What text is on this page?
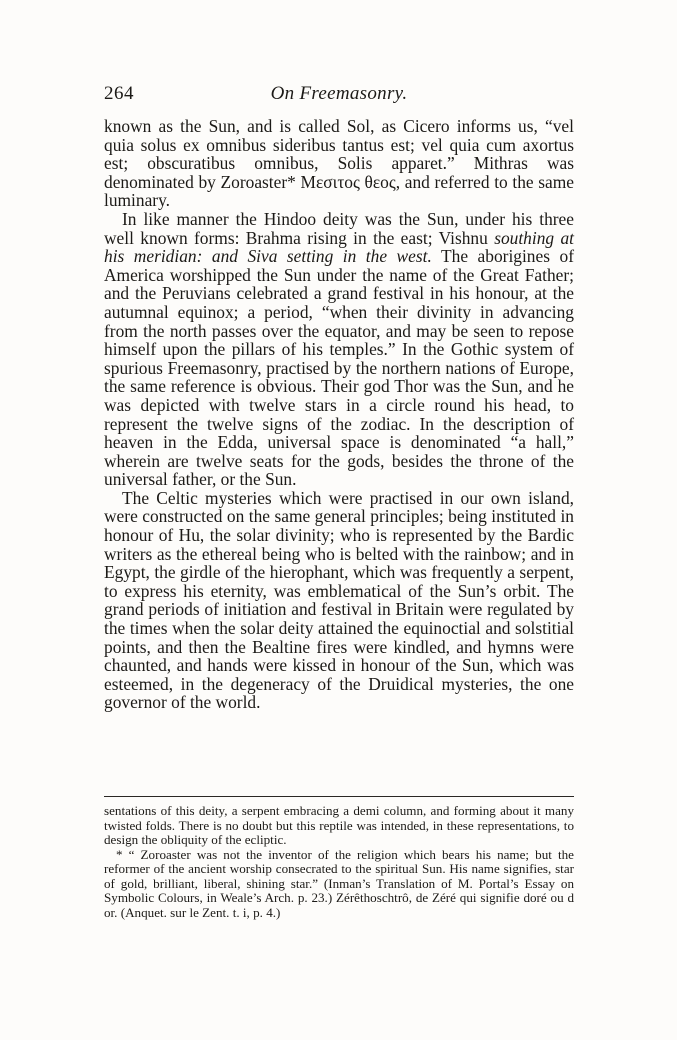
264	On Freemasonry.

known as the Sun, and is called Sol, as Cicero informs us, “vel quia solus ex omnibus sideribus tantus est; vel quia cum axortus est; obscuratibus omnibus, Solis apparet.” Mithras was denominated by Zoroaster* Μεσιτος θεος, and referred to the same luminary.

In like manner the Hindoo deity was the Sun, under his three well known forms: Brahma rising in the east; Vishnu southing at his meridian: and Siva setting in the west. The aborigines of America worshipped the Sun under the name of the Great Father; and the Peruvians celebrated a grand festival in his honour, at the autumnal equinox; a period, “when their divinity in advancing from the north passes over the equator, and may be seen to repose himself upon the pillars of his temples.” In the Gothic system of spurious Freemasonry, practised by the northern nations of Europe, the same reference is obvious. Their god Thor was the Sun, and he was depicted with twelve stars in a circle round his head, to represent the twelve signs of the zodiac. In the description of heaven in the Edda, universal space is denominated “a hall,” wherein are twelve seats for the gods, besides the throne of the universal father, or the Sun.

The Celtic mysteries which were practised in our own island, were constructed on the same general principles; being instituted in honour of Hu, the solar divinity; who is represented by the Bardic writers as the ethereal being who is belted with the rainbow; and in Egypt, the girdle of the hierophant, which was frequently a serpent, to express his eternity, was emblematical of the Sun’s orbit. The grand periods of initiation and festival in Britain were regulated by the times when the solar deity attained the equinoctial and solstitial points, and then the Bealtine fires were kindled, and hymns were chaunted, and hands were kissed in honour of the Sun, which was esteemed, in the degeneracy of the Druidical mysteries, the one governor of the world.

sentations of this deity, a serpent embracing a demi column, and forming about it many twisted folds. There is no doubt but this reptile was intended, in these representations, to design the obliquity of the ecliptic.

* “ Zoroaster was not the inventor of the religion which bears his name; but the reformer of the ancient worship consecrated to the spiritual Sun. His name signifies, star of gold, brilliant, liberal, shining star.” (Inman’s Translation of M. Portal’s Essay on Symbolic Colours, in Weale’s Arch. p. 23.) Zérêthoschtrô, de Zéré qui signifie doré ou d or. (Anquet. sur le Zent. t. i, p. 4.)
